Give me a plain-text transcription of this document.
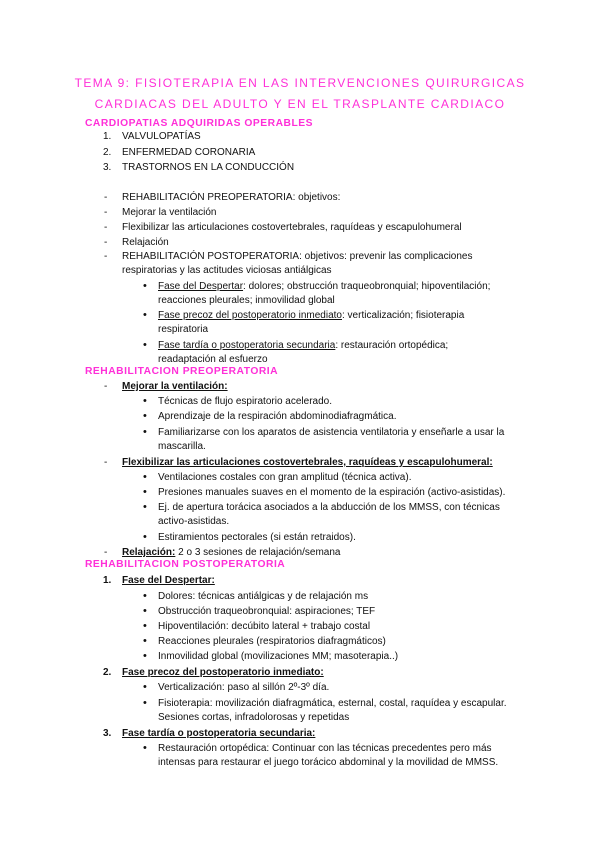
TEMA 9: FISIOTERAPIA EN LAS INTERVENCIONES QUIRURGICAS
CARDIACAS DEL ADULTO Y EN EL TRASPLANTE CARDIACO
CARDIOPATIAS ADQUIRIDAS OPERABLES
1. VALVULOPATÍAS
2. ENFERMEDAD CORONARIA
3. TRASTORNOS EN LA CONDUCCIÓN
- REHABILITACIÓN PREOPERATORIA: objetivos:
- Mejorar la ventilación
- Flexibilizar las articulaciones costovertebrales, raquídeas y escapulohumeral
- Relajación
- REHABILITACIÓN POSTOPERATORIA: objetivos: prevenir las complicaciones
respiratorias y las actitudes viciosas antiálgicas
• Fase del Despertar: dolores; obstrucción traqueobronquial; hipoventilación;
reacciones pleurales; inmovilidad global
• Fase precoz del postoperatorio inmediato: verticalización; fisioterapia
respiratoria
• Fase tardía o postoperatoria secundaria: restauración ortopédica;
readaptación al esfuerzo
REHABILITACION PREOPERATORIA
- Mejorar la ventilación:
• Técnicas de flujo espiratorio acelerado.
• Aprendizaje de la respiración abdominodiafragmática.
• Familiarizarse con los aparatos de asistencia ventilatoria y enseñarle a usar la
mascarilla.
- Flexibilizar las articulaciones costovertebrales, raquídeas y escapulohumeral:
• Ventilaciones costales con gran amplitud (técnica activa).
• Presiones manuales suaves en el momento de la espiración (activo-asistidas).
• Ej. de apertura torácica asociados a la abducción de los MMSS, con técnicas
activo-asistidas.
• Estiramientos pectorales (si están retraidos).
- Relajación: 2 o 3 sesiones de relajación/semana
REHABILITACION POSTOPERATORIA
1. Fase del Despertar:
• Dolores: técnicas antiálgicas y de relajación ms
• Obstrucción traqueobronquial: aspiraciones; TEF
• Hipoventilación: decúbito lateral + trabajo costal
• Reacciones pleurales (respiratorios diafragmáticos)
• Inmovilidad global (movilizaciones MM; masoterapia..)
2. Fase precoz del postoperatorio inmediato:
• Verticalización: paso al sillón 2º-3º día.
• Fisioterapia: movilización diafragmática, esternal, costal, raquídea y escapular.
Sesiones cortas, infradolorosas y repetidas
3. Fase tardía o postoperatoria secundaria:
• Restauración ortopédica: Continuar con las técnicas precedentes pero más
intensas para restaurar el juego torácico abdominal y la movilidad de MMSS.
